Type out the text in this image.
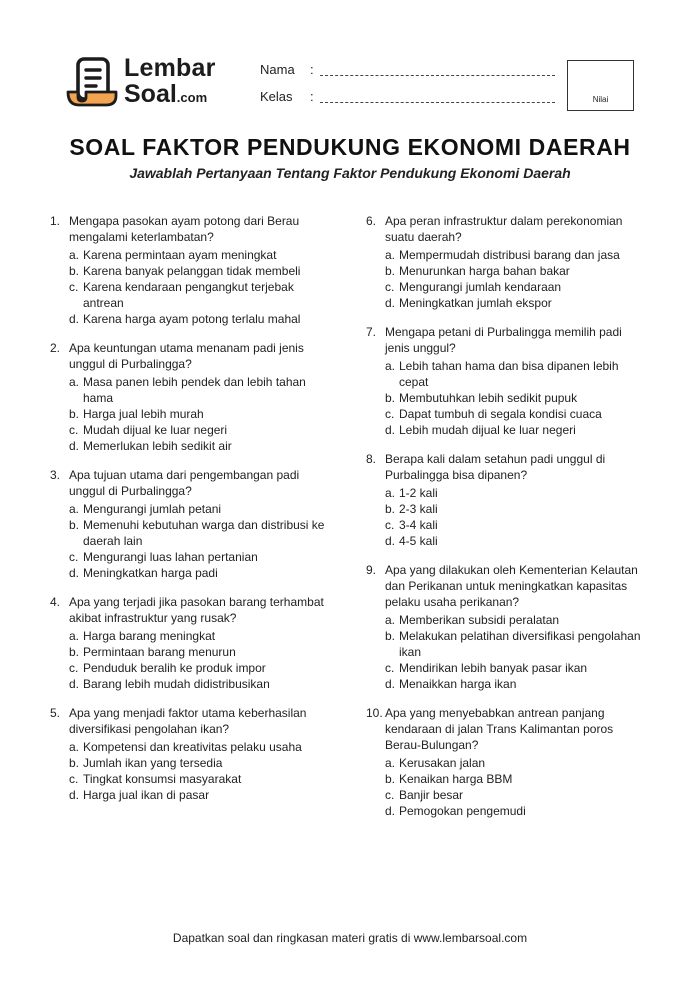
Lembar
Soal.com
Nama :
Kelas :	Nilai
SOAL FAKTOR PENDUKUNG EKONOMI DAERAH
Jawablah Pertanyaan Tentang Faktor Pendukung Ekonomi Daerah
1. Mengapa pasokan ayam potong dari Berau mengalami keterlambatan?
a. Karena permintaan ayam meningkat
b. Karena banyak pelanggan tidak membeli
c. Karena kendaraan pengangkut terjebak antrean
d. Karena harga ayam potong terlalu mahal
2. Apa keuntungan utama menanam padi jenis unggul di Purbalingga?
a. Masa panen lebih pendek dan lebih tahan hama
b. Harga jual lebih murah
c. Mudah dijual ke luar negeri
d. Memerlukan lebih sedikit air
3. Apa tujuan utama dari pengembangan padi unggul di Purbalingga?
a. Mengurangi jumlah petani
b. Memenuhi kebutuhan warga dan distribusi ke daerah lain
c. Mengurangi luas lahan pertanian
d. Meningkatkan harga padi
4. Apa yang terjadi jika pasokan barang terhambat akibat infrastruktur yang rusak?
a. Harga barang meningkat
b. Permintaan barang menurun
c. Penduduk beralih ke produk impor
d. Barang lebih mudah didistribusikan
5. Apa yang menjadi faktor utama keberhasilan diversifikasi pengolahan ikan?
a. Kompetensi dan kreativitas pelaku usaha
b. Jumlah ikan yang tersedia
c. Tingkat konsumsi masyarakat
d. Harga jual ikan di pasar
6. Apa peran infrastruktur dalam perekonomian suatu daerah?
a. Mempermudah distribusi barang dan jasa
b. Menurunkan harga bahan bakar
c. Mengurangi jumlah kendaraan
d. Meningkatkan jumlah ekspor
7. Mengapa petani di Purbalingga memilih padi jenis unggul?
a. Lebih tahan hama dan bisa dipanen lebih cepat
b. Membutuhkan lebih sedikit pupuk
c. Dapat tumbuh di segala kondisi cuaca
d. Lebih mudah dijual ke luar negeri
8. Berapa kali dalam setahun padi unggul di Purbalingga bisa dipanen?
a. 1-2 kali
b. 2-3 kali
c. 3-4 kali
d. 4-5 kali
9. Apa yang dilakukan oleh Kementerian Kelautan dan Perikanan untuk meningkatkan kapasitas pelaku usaha perikanan?
a. Memberikan subsidi peralatan
b. Melakukan pelatihan diversifikasi pengolahan ikan
c. Mendirikan lebih banyak pasar ikan
d. Menaikkan harga ikan
10. Apa yang menyebabkan antrean panjang kendaraan di jalan Trans Kalimantan poros Berau-Bulungan?
a. Kerusakan jalan
b. Kenaikan harga BBM
c. Banjir besar
d. Pemogokan pengemudi
Dapatkan soal dan ringkasan materi gratis di www.lembarsoal.com
